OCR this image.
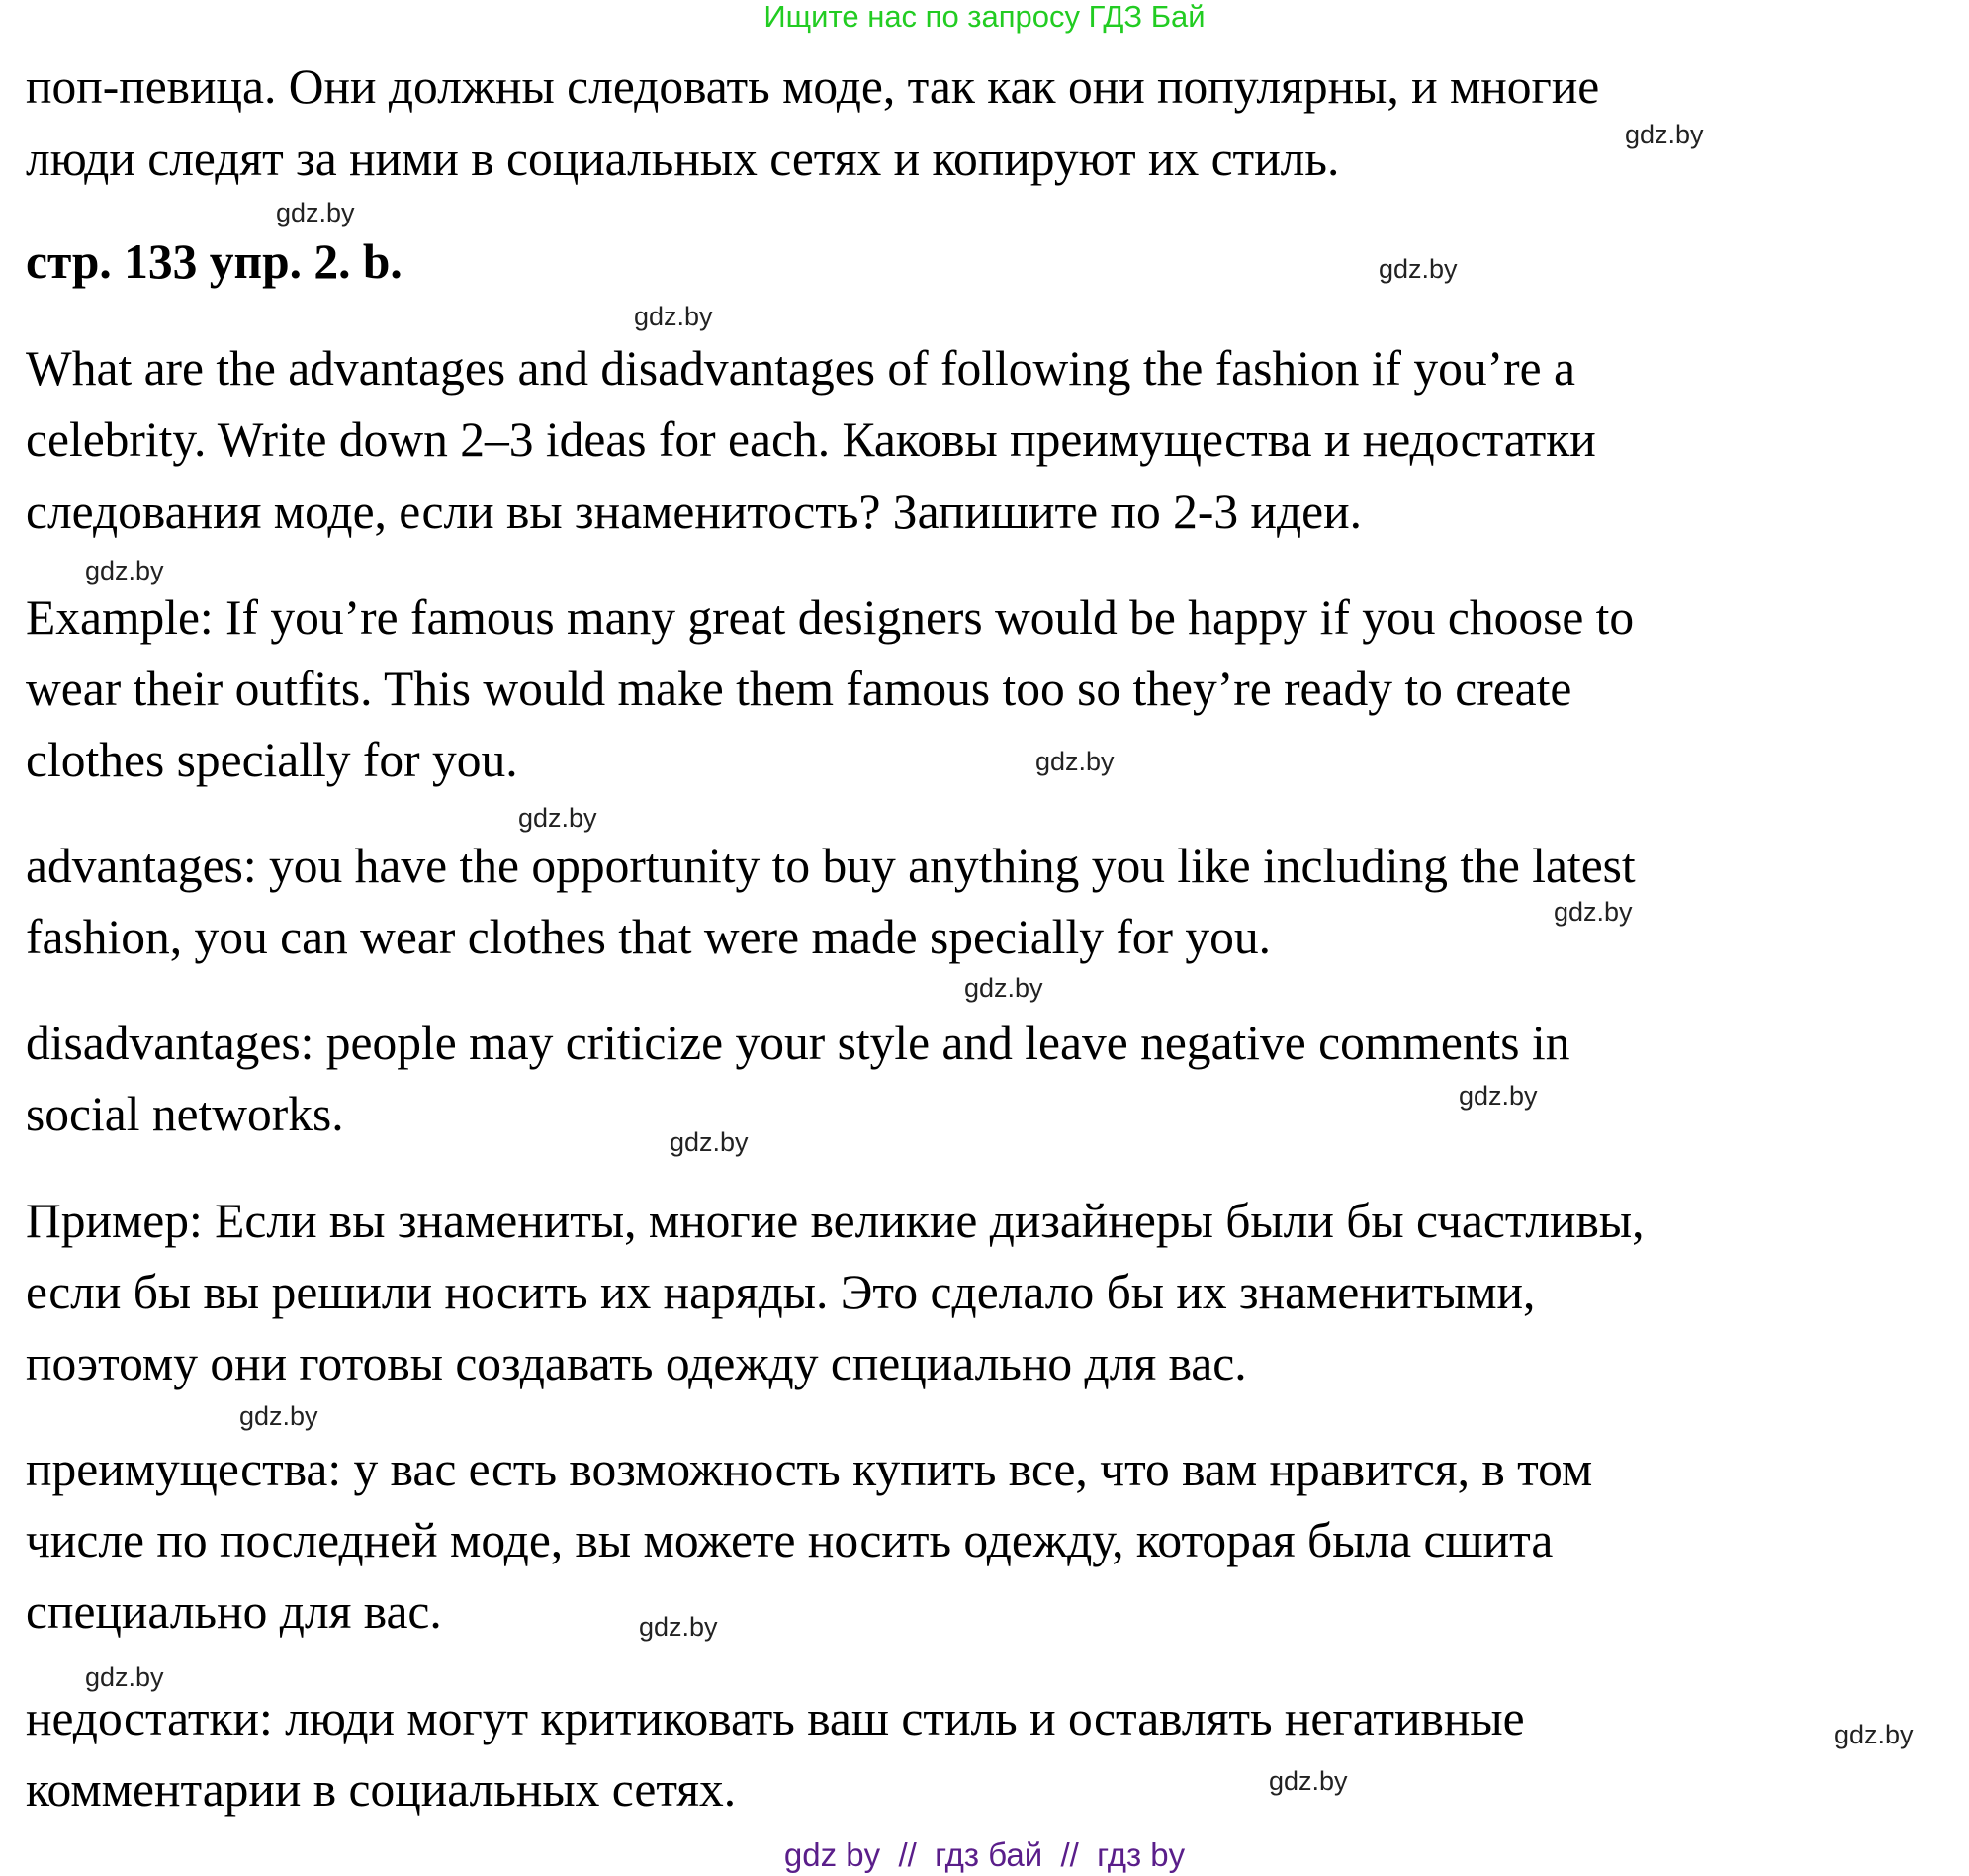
Ищите нас по запросу ГДЗ Бай
поп-певица. Они должны следовать моде, так как они популярны, и многие
люди следят за ними в социальных сетях и копируют их стиль.
стр. 133 упр. 2. b.
What are the advantages and disadvantages of following the fashion if you’re a
celebrity. Write down 2–3 ideas for each. Каковы преимущества и недостатки
следования моде, если вы знаменитость? Запишите по 2-3 идеи.
Example: If you’re famous many great designers would be happy if you choose to
wear their outfits. This would make them famous too so they’re ready to create
clothes specially for you.
advantages: you have the opportunity to buy anything you like including the latest
fashion, you can wear clothes that were made specially for you.
disadvantages: people may criticize your style and leave negative comments in
social networks.
Пример: Если вы знамениты, многие великие дизайнеры были бы счастливы,
если бы вы решили носить их наряды. Это сделало бы их знаменитыми,
поэтому они готовы создавать одежду специально для вас.
преимущества: у вас есть возможность купить все, что вам нравится, в том
числе по последней моде, вы можете носить одежду, которая была сшита
специально для вас.
недостатки: люди могут критиковать ваш стиль и оставлять негативные
комментарии в социальных сетях.
gdz.by
gdz.by
gdz.by
gdz.by
gdz.by
gdz.by
gdz.by
gdz.by
gdz.by
gdz.by
gdz.by
gdz.by
gdz.by
gdz.by
gdz.by
gdz.by
gdz by  //  гдз бай  //  гдз by
